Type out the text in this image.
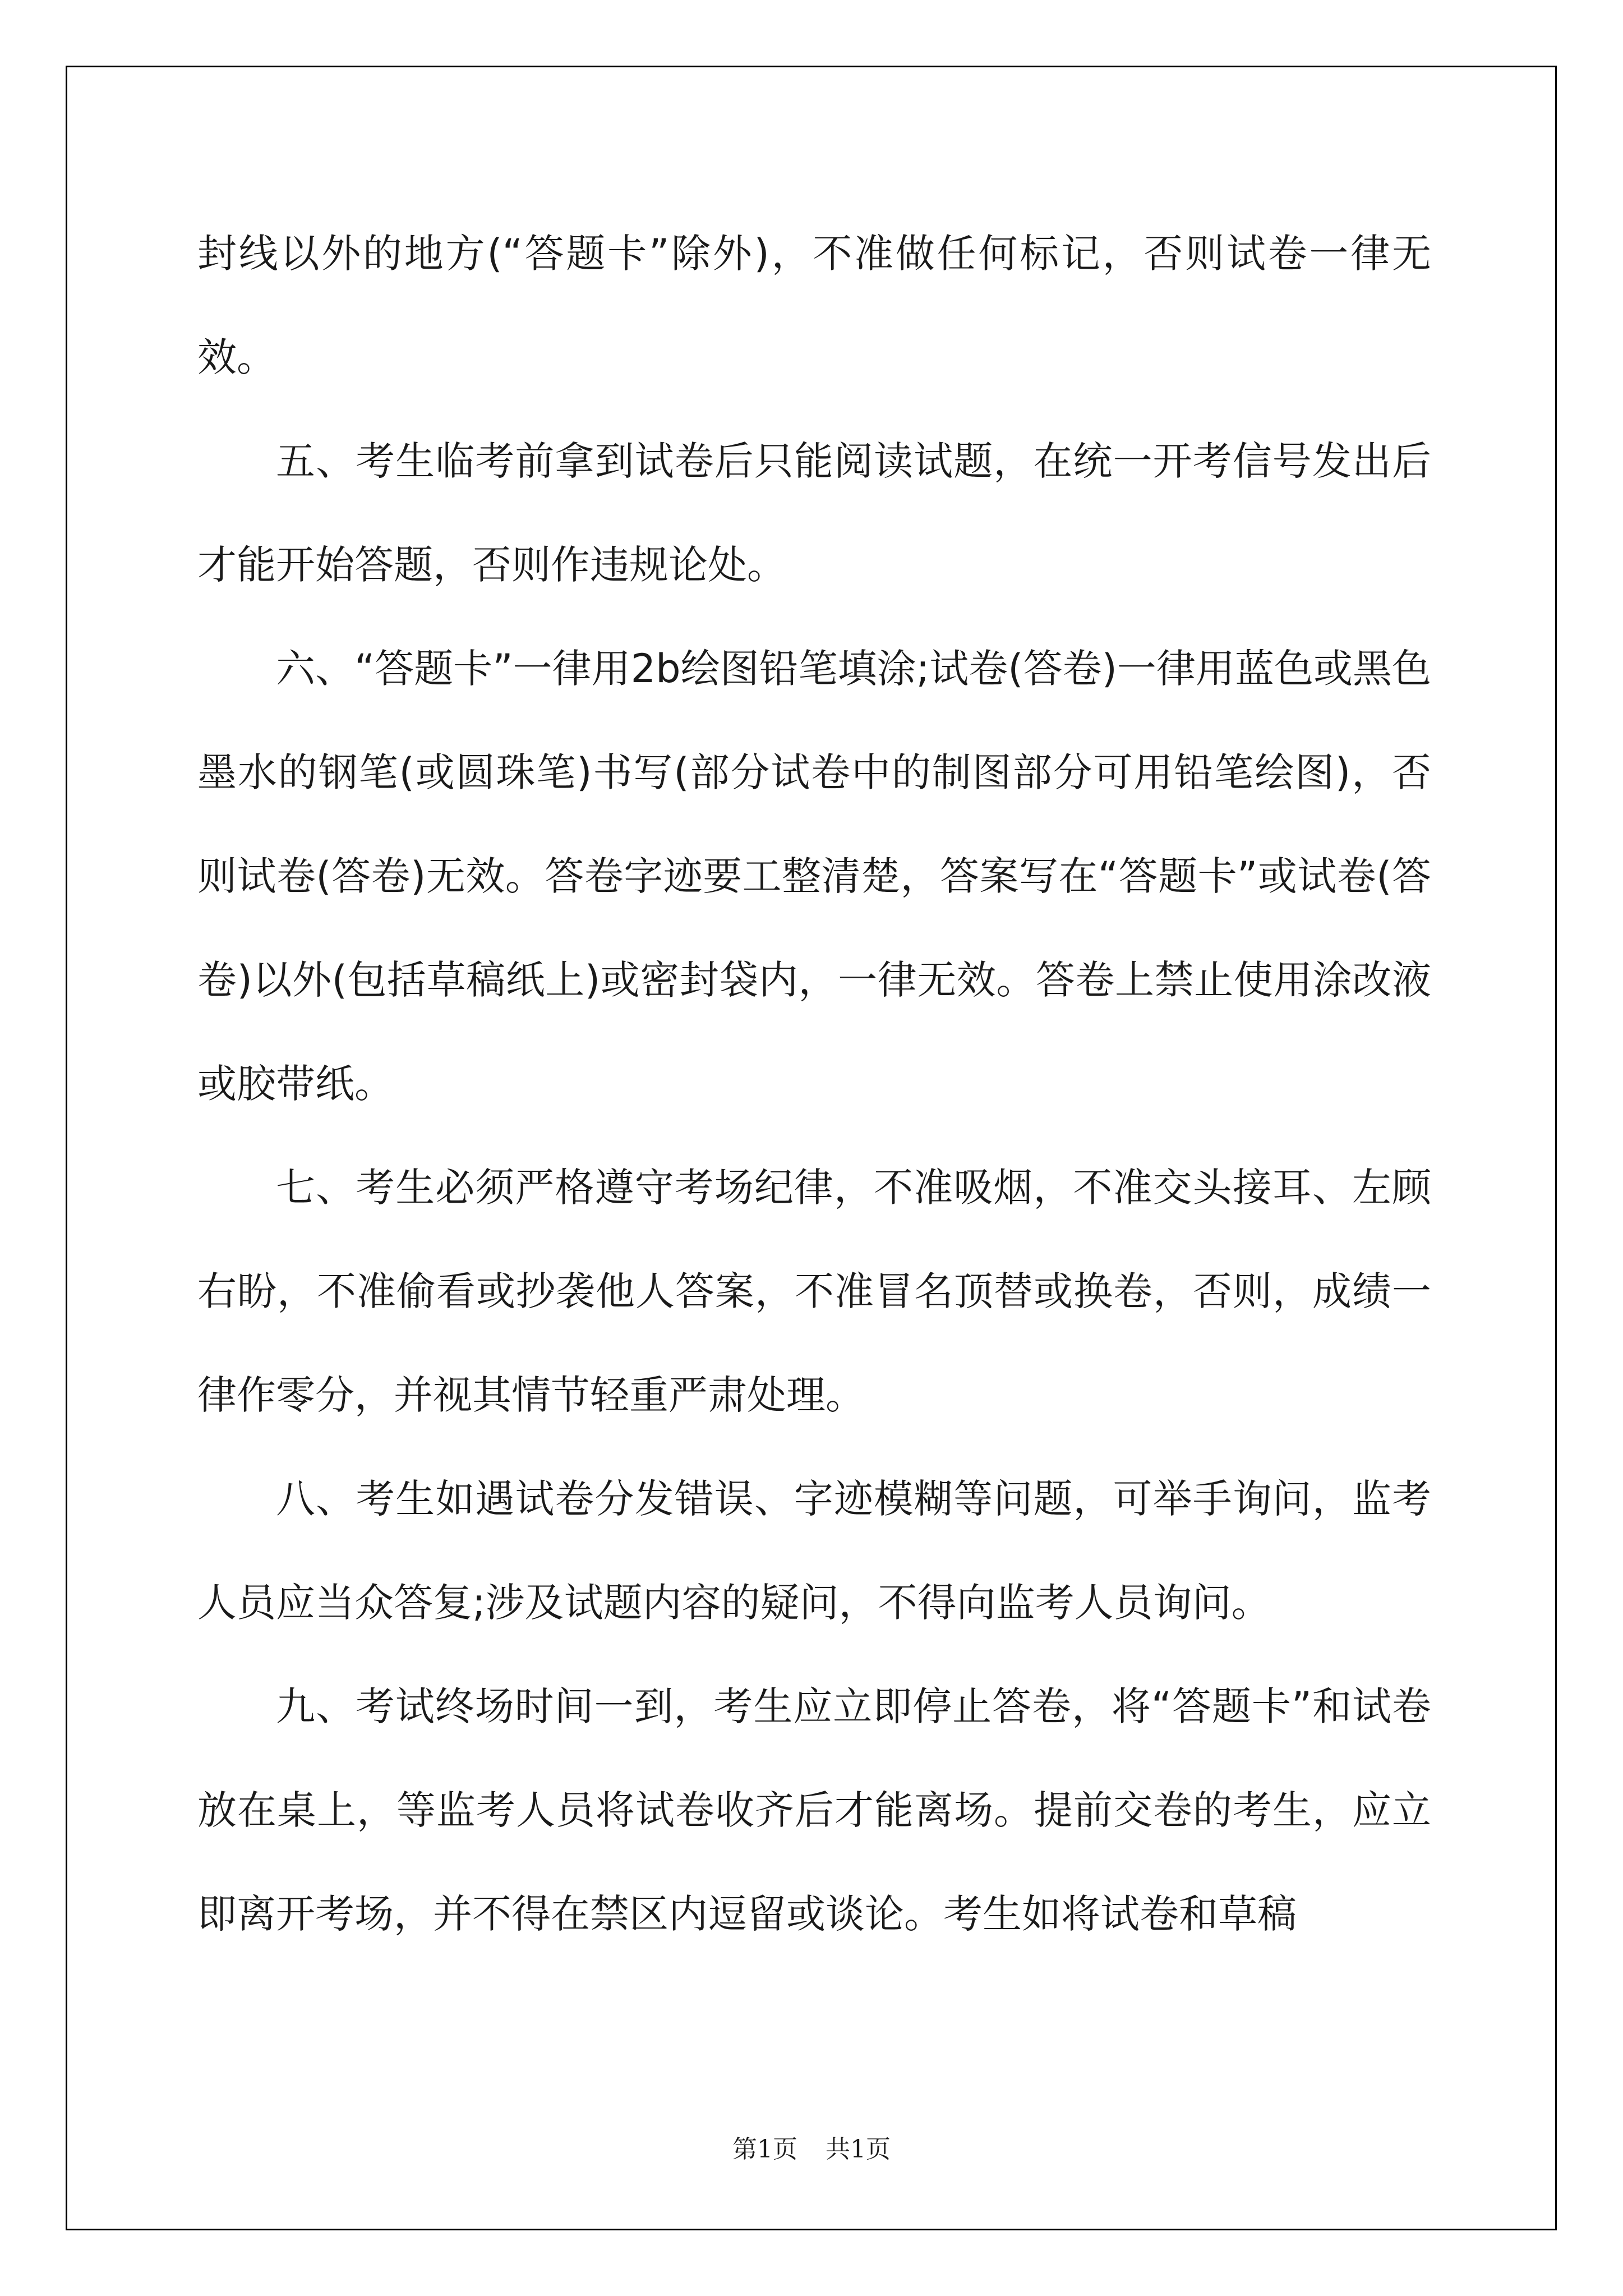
封线以外的地方(“答题卡”除外)，不准做任何标记，否则试卷一律无效。

五、考生临考前拿到试卷后只能阅读试题，在统一开考信号发出后才能开始答题，否则作违规论处。

六、“答题卡”一律用2b绘图铅笔填涂;试卷(答卷)一律用蓝色或黑色墨水的钢笔(或圆珠笔)书写(部分试卷中的制图部分可用铅笔绘图)，否则试卷(答卷)无效。答卷字迹要工整清楚，答案写在“答题卡”或试卷(答卷)以外(包括草稿纸上)或密封袋内，一律无效。答卷上禁止使用涂改液或胶带纸。

七、考生必须严格遵守考场纪律，不准吸烟，不准交头接耳、左顾右盼，不准偷看或抄袭他人答案，不准冒名顶替或换卷，否则，成绩一律作零分，并视其情节轻重严肃处理。

八、考生如遇试卷分发错误、字迹模糊等问题，可举手询问，监考人员应当众答复;涉及试题内容的疑问，不得向监考人员询问。

九、考试终场时间一到，考生应立即停止答卷，将“答题卡”和试卷放在桌上，等监考人员将试卷收齐后才能离场。提前交卷的考生，应立即离开考场，并不得在禁区内逗留或谈论。考生如将试卷和草稿

第1页 共1页
